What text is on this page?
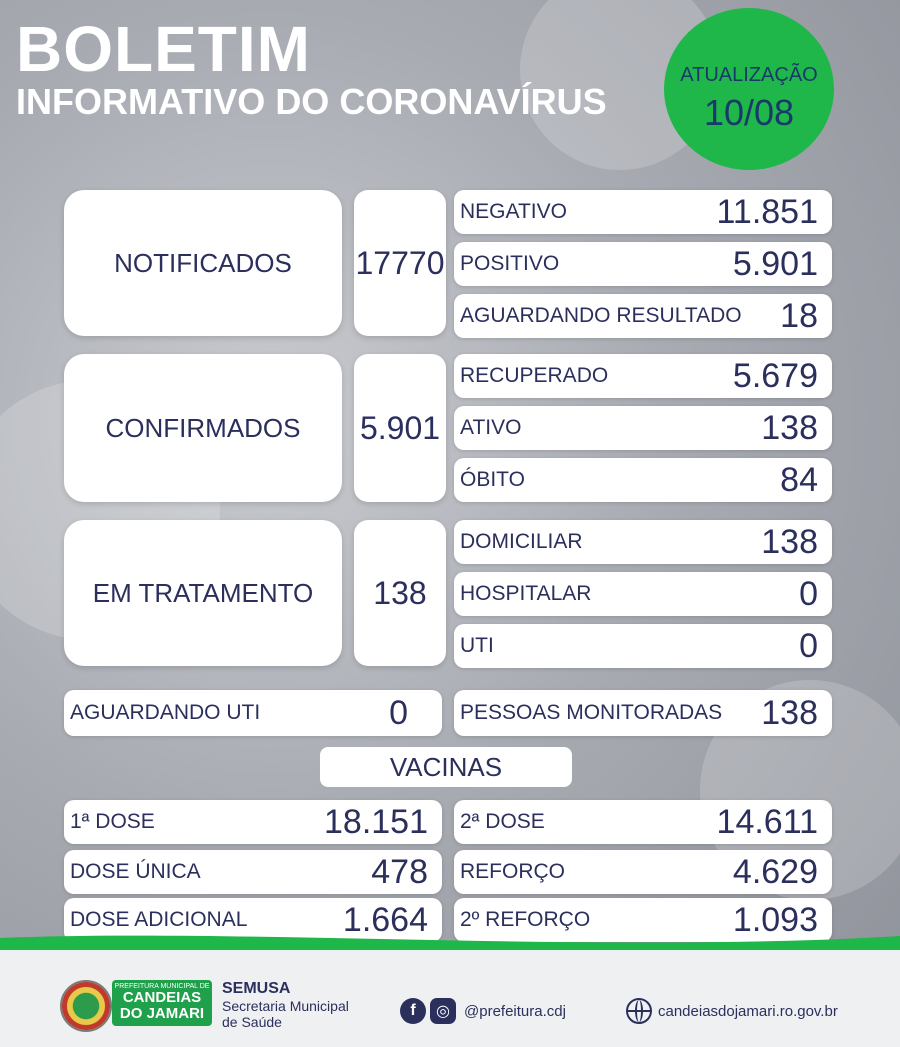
BOLETIM
INFORMATIVO DO CORONAVÍRUS
ATUALIZAÇÃO
10/08
NOTIFICADOS 17770
NEGATIVO	11.851
POSITIVO	5.901
AGUARDANDO RESULTADO 18
CONFIRMADOS 5.901
RECUPERADO	5.679
ATIVO	138
ÓBITO	84
EM TRATAMENTO 138
DOMICILIAR	138
HOSPITALAR	0
UTI	0
AGUARDANDO UTI	0 PESSOAS MONITORADAS 138
VACINAS
1ª DOSE	18.151
DOSE ÚNICA	478
DOSE ADICIONAL	1.664
2ª DOSE	14.611
REFORÇO	4.629
2º REFORÇO	1.093
PREFEITURA MUNICIPAL DE
CANDEIAS
DO JAMARI
SEMUSA
Secretaria Municipal
de Saúde
f	◎ @prefeitura.cdj	candeiasdojamari.ro.gov.br
